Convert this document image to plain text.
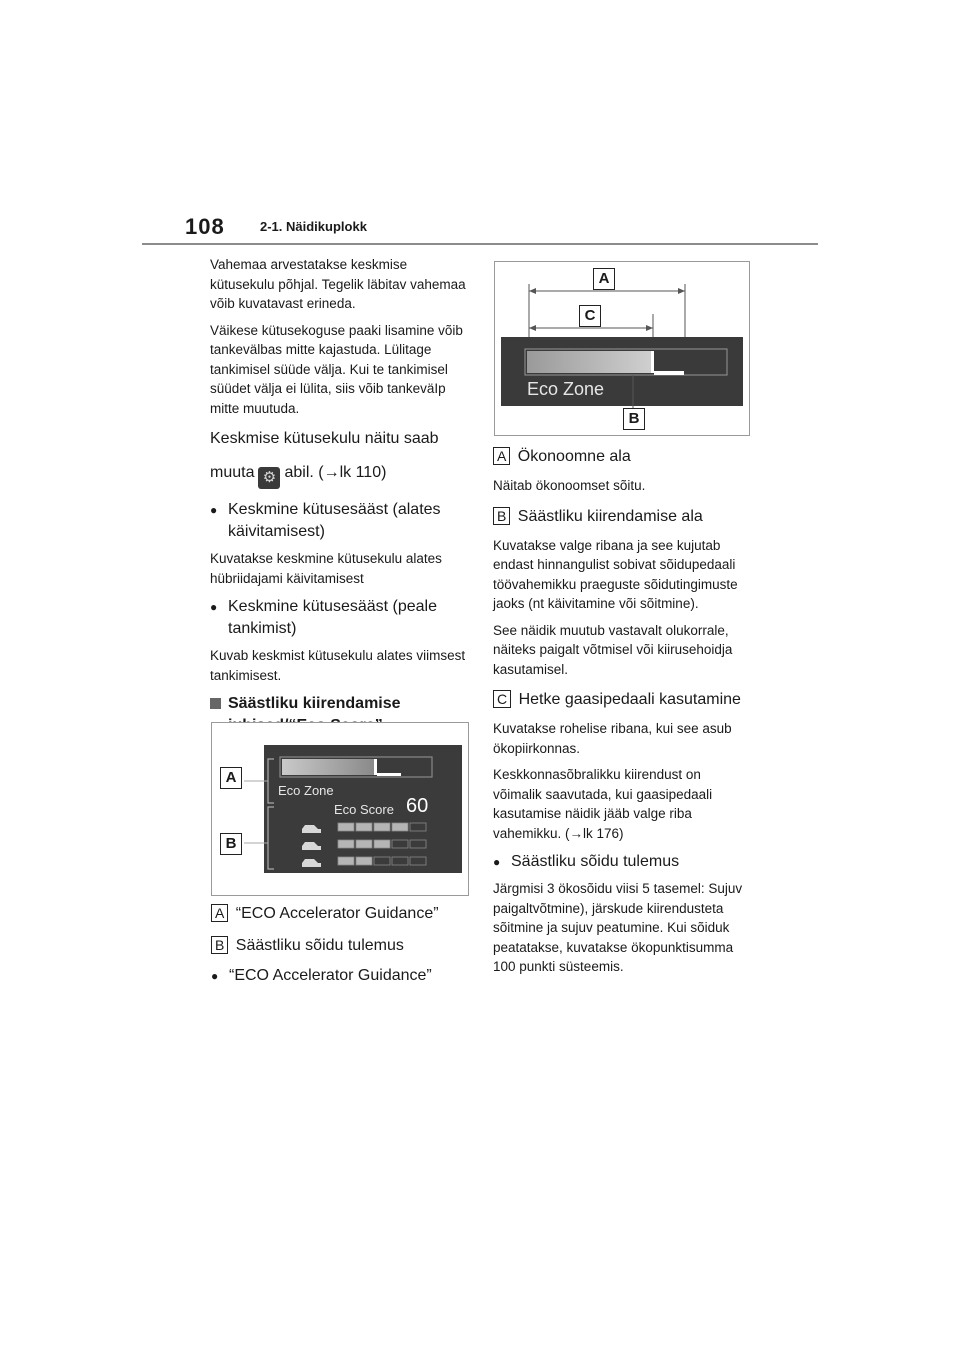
108	2-1. Näidikuplokk

Vahemaa arvestatakse keskmise kütusekulu põhjal. Tegelik läbitav vahemaa võib kuvatavast erineda.

Väikese kütusekoguse paaki lisamine võib tankevälbas mitte kajastuda. Lülitage tankimisel süüde välja. Kui te tankimisel süüdet välja ei lülita, siis võib tankeväIp mitte muutuda.

Keskmise kütusekulu näitu saab

muuta ⚙ abil. (→lk 110)

● Keskmine kütusesääst (alates käivitamisest)

Kuvatakse keskmine kütusekulu alates hübriidajami käivitamisest

● Keskmine kütusesääst (peale tankimist)

Kuvab keskmist kütusekulu alates viimsest tankimisest.

Säästliku kiirendamise
Eco Zone
Eco Score 60
A
B
A “ECO Accelerator Guidance”
B Säästliku sõidu tulemus
● “ECO Accelerator Guidance”
Eco Zone
A
C
B
A Ökonoomne ala

Näitab ökonoomset sõitu.

B Säästliku kiirendamise ala

Kuvatakse valge ribana ja see kujutab endast hinnangulist sobivat sõidupedaali töövahemikku praeguste sõidutingimuste jaoks (nt käivitamine või sõitmine).

See näidik muutub vastavalt olukorrale, näiteks paigalt võtmisel või kiirusehoidja kasutamisel.

C Hetke gaasipedaali kasutamine

Kuvatakse rohelise ribana, kui see asub ökopiirkonnas.

Keskkonnasõbralikku kiirendust on võimalik saavutada, kui gaasipedaali kasutamise näidik jääb valge riba vahemikku. (→lk 176)

● Säästliku sõidu tulemus

Järgmisi 3 ökosõidu viisi 5 tasemel: Sujuv paigaltvõtmine), järskude kiirendusteta sõitmine ja sujuv peatumine. Kui sõiduk peatatakse, kuvatakse ökopunktisumma 100 punkti süsteemis.
